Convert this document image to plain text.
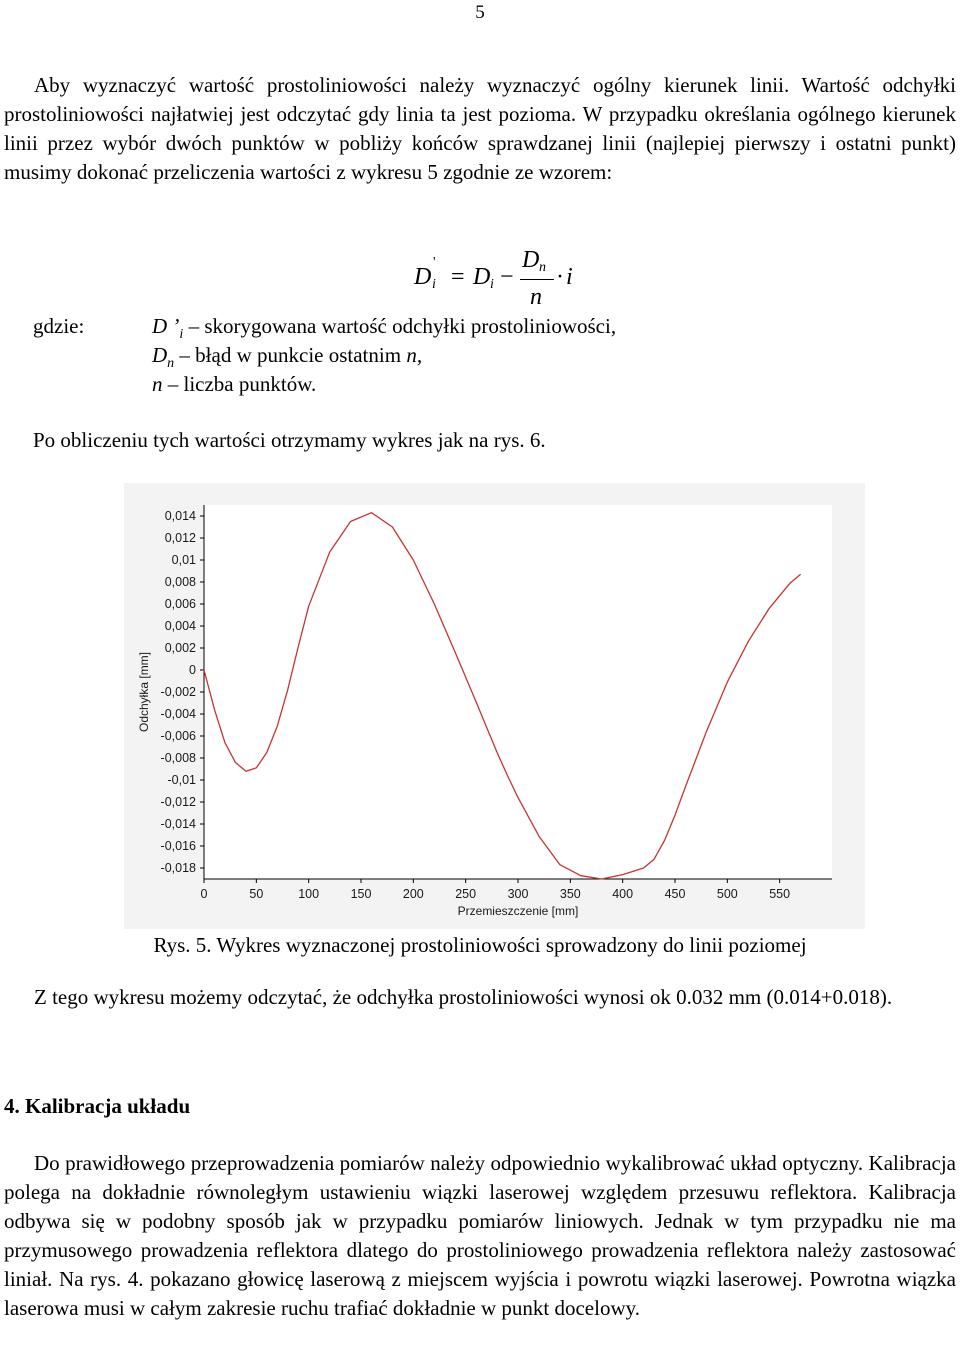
5

Aby wyznaczyć wartość prostoliniowości należy wyznaczyć ogólny kierunek linii. Wartość odchyłki prostoliniowości najłatwiej jest odczytać gdy linia ta jest pozioma. W przypadku określania ogólnego kierunek linii przez wybór dwóch punktów w pobliży końców sprawdzanej linii (najlepiej pierwszy i ostatni punkt) musimy dokonać przeliczenia wartości z wykresu 5 zgodnie ze wzorem:

D i
'
= D i −
D n
n
· i
gdzie:	D $’_i$ – skorygowana wartość odchyłki prostoliniowości,
$D_n$ – błąd w punkcie ostatnim n,
n – liczba punktów.

Po obliczeniu tych wartości otrzymamy wykres jak na rys. 6.

0,014
0,012
0,01
0,008
0,006
0,004
0,002
0
-0,002
-0,004
-0,006
-0,008
-0,01
-0,012
-0,014
-0,016
-0,018
0	50	100	150	200	250	300	350	400	450	500	550
Przemieszczenie [mm]
Odchyłka [mm]
Rys. 5. Wykres wyznaczonej prostoliniowości sprowadzony do linii poziomej

Z tego wykresu możemy odczytać, że odchyłka prostoliniowości wynosi ok 0.032 mm (0.014+0.018).

4. Kalibracja układu

Do prawidłowego przeprowadzenia pomiarów należy odpowiednio wykalibrować układ optyczny. Kalibracja polega na dokładnie równoległym ustawieniu wiązki laserowej względem przesuwu reflektora. Kalibracja odbywa się w podobny sposób jak w przypadku pomiarów liniowych. Jednak w tym przypadku nie ma przymusowego prowadzenia reflektora dlatego do prostoliniowego prowadzenia reflektora należy zastosować liniał. Na rys. 4. pokazano głowicę laserową z miejscem wyjścia i powrotu wiązki laserowej. Powrotna wiązka laserowa musi w całym zakresie ruchu trafiać dokładnie w punkt docelowy.
